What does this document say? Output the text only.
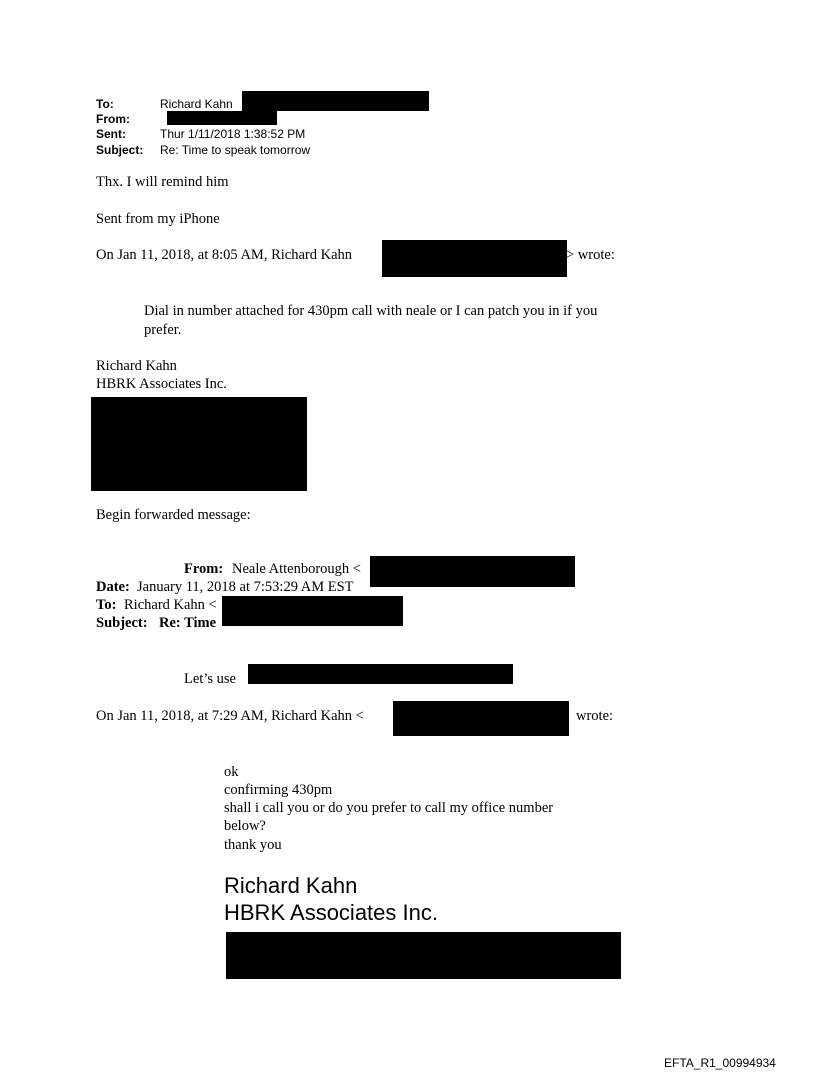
To:	Richard Kahn
From:
Sent:	Thur 1/11/2018 1:38:52 PM
Subject: Re: Time to speak tomorrow
Thx. I will remind him
Sent from my iPhone
On Jan 11, 2018, at 8:05 AM, Richard Kahn	> wrote:
Dial in number attached for 430pm call with neale or I can patch you in if you
prefer.
Richard Kahn
HBRK Associates Inc.
Begin forwarded message:
From: Neale Attenborough <
Date: January 11, 2018 at 7:53:29 AM EST
To: Richard Kahn <
Subject: Re: Time
Let’s use
On Jan 11, 2018, at 7:29 AM, Richard Kahn <	wrote:
ok
confirming 430pm
shall i call you or do you prefer to call my office number
below?
thank you
Richard Kahn
HBRK Associates Inc.
EFTA_R1_00994934
